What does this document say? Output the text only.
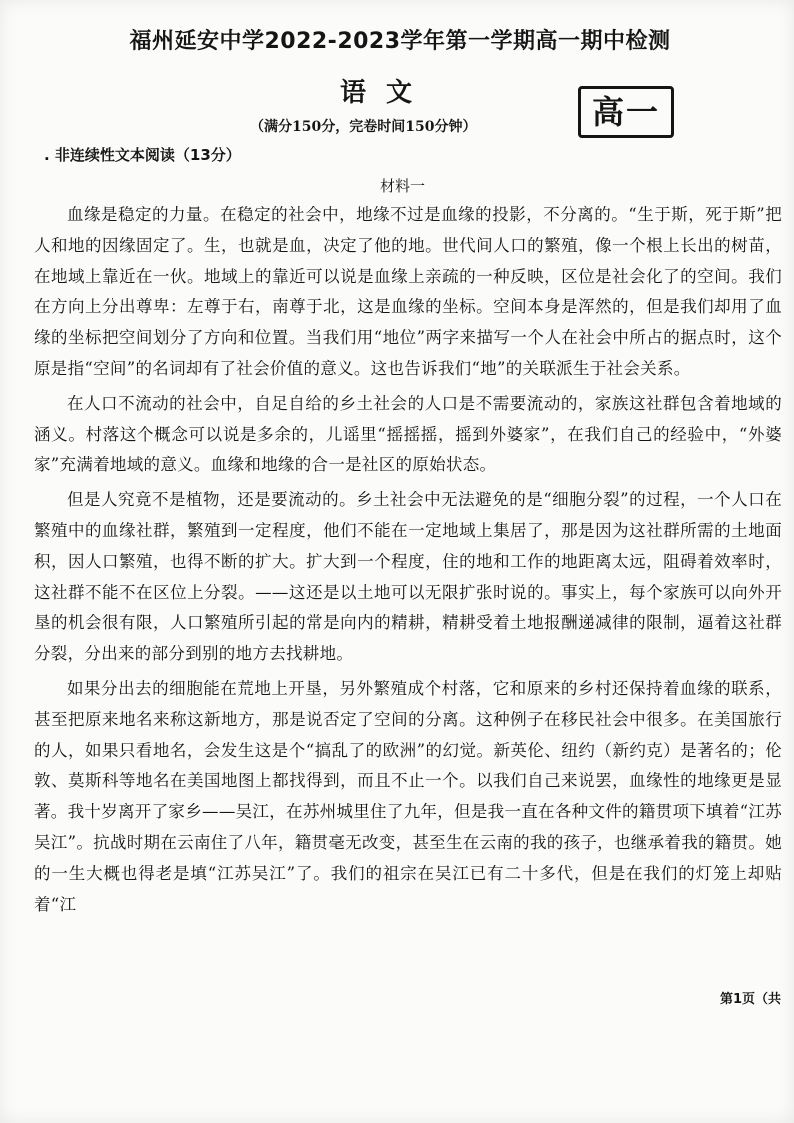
福州延安中学2022-2023学年第一学期高一期中检测
语文
（满分150分，完卷时间150分钟）	高一
. 非连续性文本阅读（13分）
材料一

血缘是稳定的力量。在稳定的社会中，地缘不过是血缘的投影，不分离的。“生于斯，死于斯”把人和地的因缘固定了。生，也就是血，决定了他的地。世代间人口的繁殖，像一个根上长出的树苗，在地域上靠近在一伙。地域上的靠近可以说是血缘上亲疏的一种反映，区位是社会化了的空间。我们在方向上分出尊卑：左尊于右，南尊于北，这是血缘的坐标。空间本身是浑然的，但是我们却用了血缘的坐标把空间划分了方向和位置。当我们用“地位”两字来描写一个人在社会中所占的据点时，这个原是指“空间”的名词却有了社会价值的意义。这也告诉我们“地”的关联派生于社会关系。

在人口不流动的社会中，自足自给的乡土社会的人口是不需要流动的，家族这社群包含着地域的涵义。村落这个概念可以说是多余的，儿谣里“摇摇摇，摇到外婆家”，在我们自己的经验中，“外婆家”充满着地域的意义。血缘和地缘的合一是社区的原始状态。

但是人究竟不是植物，还是要流动的。乡土社会中无法避免的是“细胞分裂”的过程，一个人口在繁殖中的血缘社群，繁殖到一定程度，他们不能在一定地域上集居了，那是因为这社群所需的土地面积，因人口繁殖，也得不断的扩大。扩大到一个程度，住的地和工作的地距离太远，阻碍着效率时，这社群不能不在区位上分裂。——这还是以土地可以无限扩张时说的。事实上，每个家族可以向外开垦的机会很有限，人口繁殖所引起的常是向内的精耕，精耕受着土地报酬递减律的限制，逼着这社群分裂，分出来的部分到别的地方去找耕地。

如果分出去的细胞能在荒地上开垦，另外繁殖成个村落，它和原来的乡村还保持着血缘的联系，甚至把原来地名来称这新地方，那是说否定了空间的分离。这种例子在移民社会中很多。在美国旅行的人，如果只看地名，会发生这是个“搞乱了的欧洲”的幻觉。新英伦、纽约（新约克）是著名的；伦敦、莫斯科等地名在美国地图上都找得到，而且不止一个。以我们自己来说罢，血缘性的地缘更是显著。我十岁离开了家乡——吴江，在苏州城里住了九年，但是我一直在各种文件的籍贯项下填着“江苏吴江”。抗战时期在云南住了八年，籍贯毫无改变，甚至生在云南的我的孩子，也继承着我的籍贯。她的一生大概也得老是填“江苏吴江”了。我们的祖宗在吴江已有二十多代，但是在我们的灯笼上却贴着“江

第1页（共
